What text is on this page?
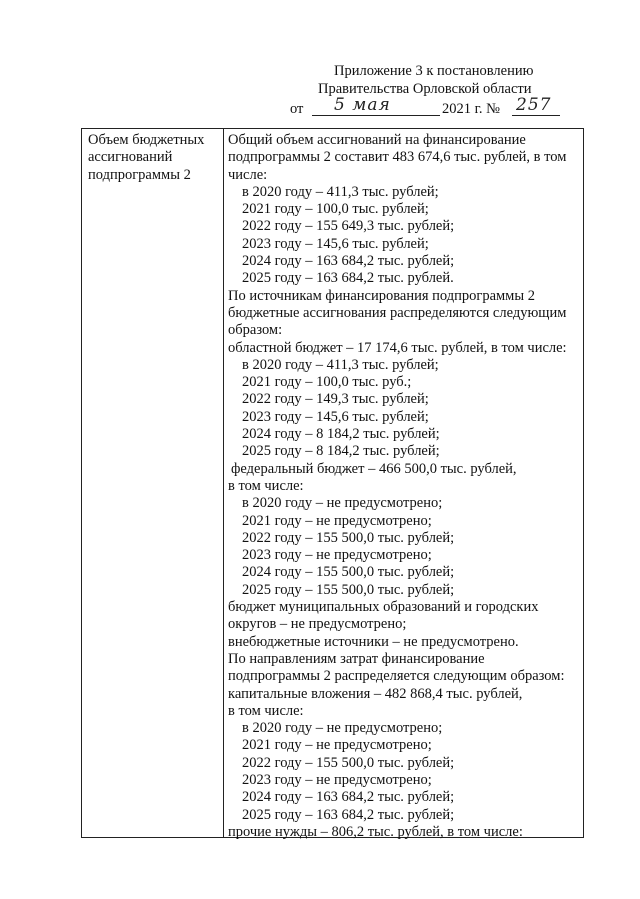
Приложение 3 к постановлению
Правительства Орловской области
от 5 мая	2021 г. № 257
Объем бюджетных ассигнований подпрограммы 2
Общий объем ассигнований на финансирование
подпрограммы 2 составит 483 674,6 тыс. рублей, в том
числе:
в 2020 году – 411,3 тыс. рублей;
2021 году – 100,0 тыс. рублей;
2022 году – 155 649,3 тыс. рублей;
2023 году – 145,6 тыс. рублей;
2024 году – 163 684,2 тыс. рублей;
2025 году – 163 684,2 тыс. рублей.
По источникам финансирования подпрограммы 2
бюджетные ассигнования распределяются следующим
образом:
областной бюджет – 17 174,6 тыс. рублей, в том числе:
в 2020 году – 411,3 тыс. рублей;
2021 году – 100,0 тыс. руб.;
2022 году – 149,3 тыс. рублей;
2023 году – 145,6 тыс. рублей;
2024 году – 8 184,2 тыс. рублей;
2025 году – 8 184,2 тыс. рублей;
федеральный бюджет – 466 500,0 тыс. рублей,
в том числе:
в 2020 году – не предусмотрено;
2021 году – не предусмотрено;
2022 году – 155 500,0 тыс. рублей;
2023 году – не предусмотрено;
2024 году – 155 500,0 тыс. рублей;
2025 году – 155 500,0 тыс. рублей;
бюджет муниципальных образований и городских
округов – не предусмотрено;
внебюджетные источники – не предусмотрено.
По направлениям затрат финансирование
подпрограммы 2 распределяется следующим образом:
капитальные вложения – 482 868,4 тыс. рублей,
в том числе:
в 2020 году – не предусмотрено;
2021 году – не предусмотрено;
2022 году – 155 500,0 тыс. рублей;
2023 году – не предусмотрено;
2024 году – 163 684,2 тыс. рублей;
2025 году – 163 684,2 тыс. рублей;
прочие нужды – 806,2 тыс. рублей, в том числе:
